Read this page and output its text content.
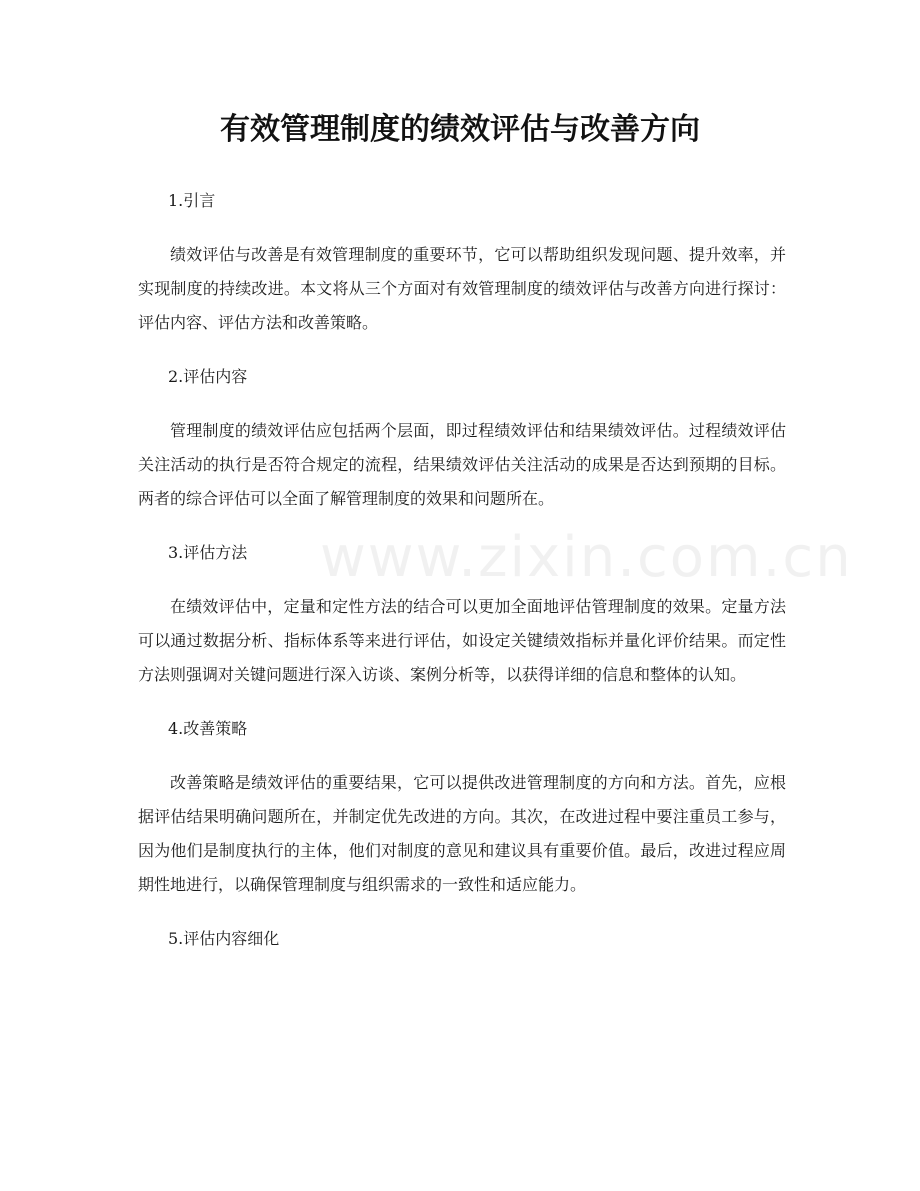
有效管理制度的绩效评估与改善方向
www.zixin.com.cn

1.引言

绩效评估与改善是有效管理制度的重要环节，它可以帮助组织发现问题、提升效率，并实现制度的持续改进。本文将从三个方面对有效管理制度的绩效评估与改善方向进行探讨：评估内容、评估方法和改善策略。

2.评估内容

管理制度的绩效评估应包括两个层面，即过程绩效评估和结果绩效评估。过程绩效评估关注活动的执行是否符合规定的流程，结果绩效评估关注活动的成果是否达到预期的目标。两者的综合评估可以全面了解管理制度的效果和问题所在。

3.评估方法

在绩效评估中，定量和定性方法的结合可以更加全面地评估管理制度的效果。定量方法可以通过数据分析、指标体系等来进行评估，如设定关键绩效指标并量化评价结果。而定性方法则强调对关键问题进行深入访谈、案例分析等，以获得详细的信息和整体的认知。

4.改善策略

改善策略是绩效评估的重要结果，它可以提供改进管理制度的方向和方法。首先，应根据评估结果明确问题所在，并制定优先改进的方向。其次，在改进过程中要注重员工参与，因为他们是制度执行的主体，他们对制度的意见和建议具有重要价值。最后，改进过程应周期性地进行，以确保管理制度与组织需求的一致性和适应能力。

5.评估内容细化
